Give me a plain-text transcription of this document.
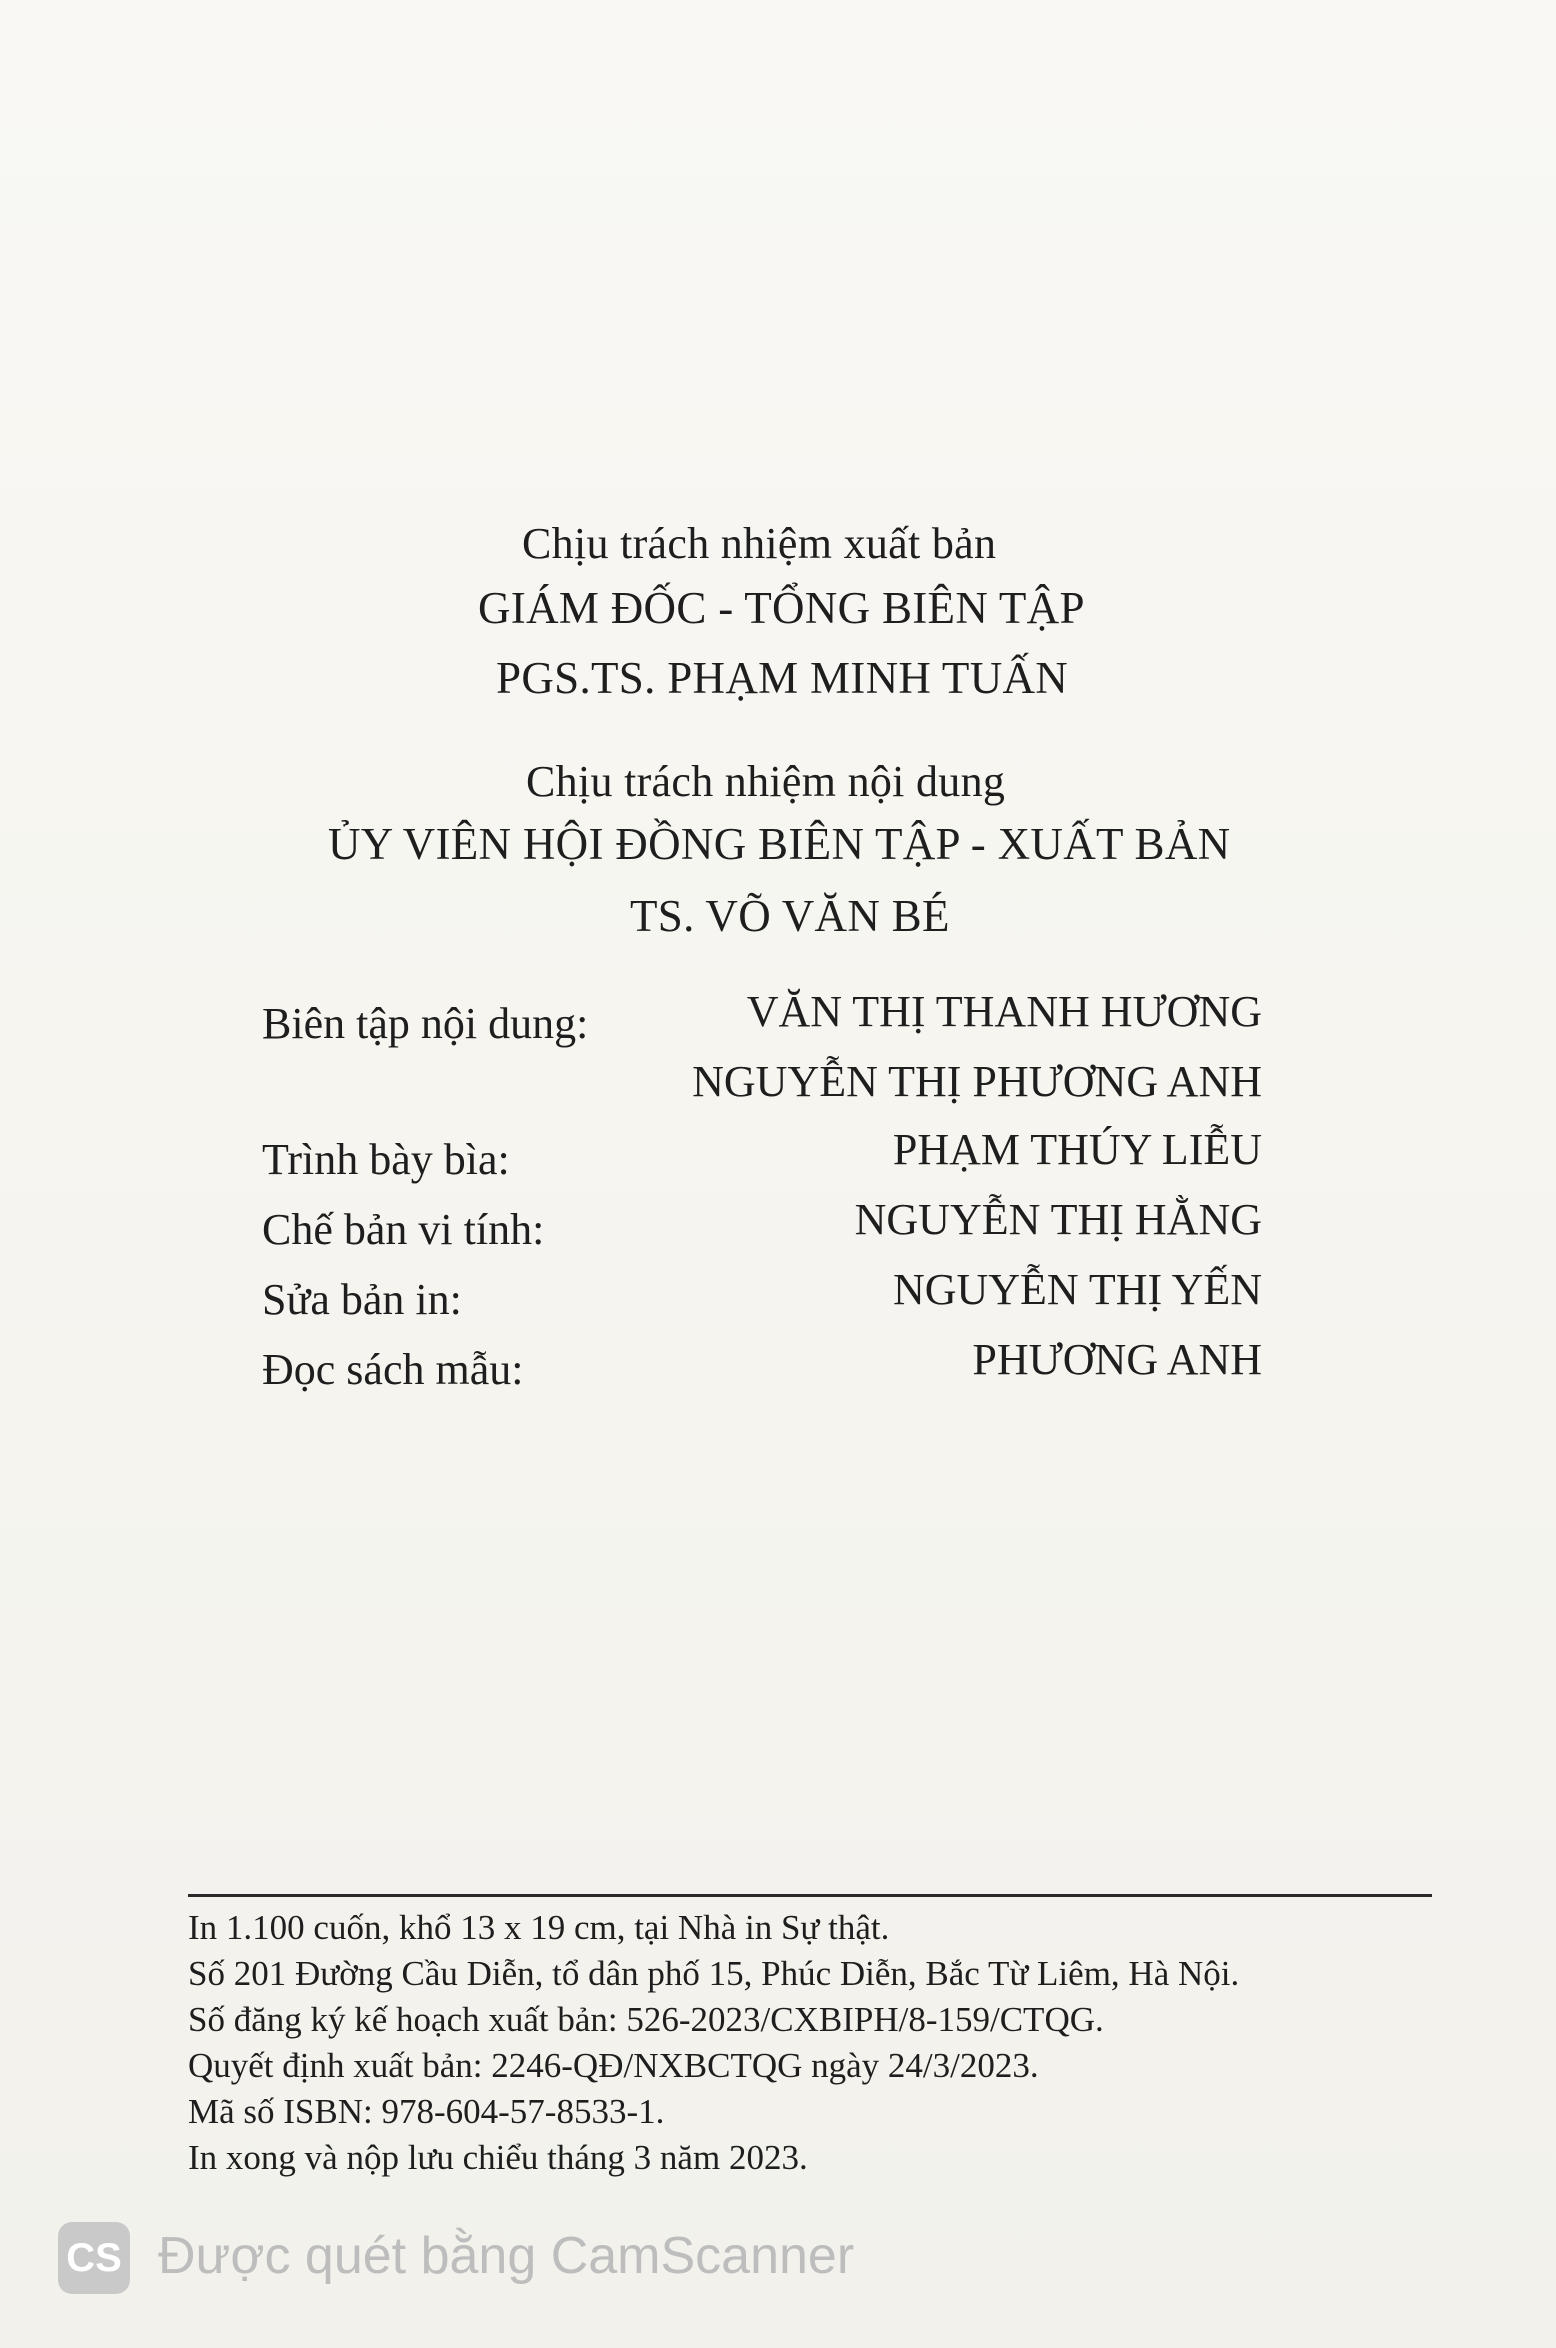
Chịu trách nhiệm xuất bản
GIÁM ĐỐC - TỔNG BIÊN TẬP
PGS.TS. PHẠM MINH TUẤN
Chịu trách nhiệm nội dung
ỦY VIÊN HỘI ĐỒNG BIÊN TẬP - XUẤT BẢN
TS. VÕ VĂN BÉ
Biên tập nội dung:	VĂN THỊ THANH HƯƠNG
NGUYỄN THỊ PHƯƠNG ANH
Trình bày bìa:	PHẠM THÚY LIỄU
Chế bản vi tính:	NGUYỄN THỊ HẰNG
Sửa bản in:	NGUYỄN THỊ YẾN
Đọc sách mẫu:	PHƯƠNG ANH
In 1.100 cuốn, khổ 13 x 19 cm, tại Nhà in Sự thật.
Số 201 Đường Cầu Diễn, tổ dân phố 15, Phúc Diễn, Bắc Từ Liêm, Hà Nội.
Số đăng ký kế hoạch xuất bản: 526-2023/CXBIPH/8-159/CTQG.
Quyết định xuất bản: 2246-QĐ/NXBCTQG ngày 24/3/2023.
Mã số ISBN: 978-604-57-8533-1.
In xong và nộp lưu chiểu tháng 3 năm 2023.
CS Được quét bằng CamScanner
